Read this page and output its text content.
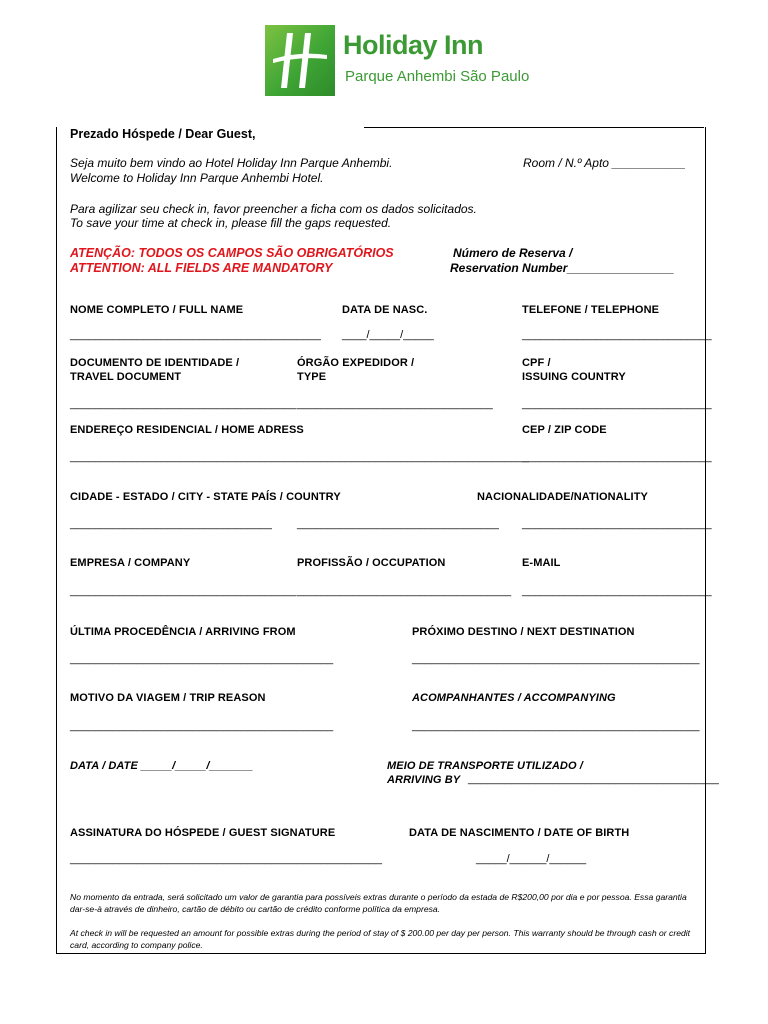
Holiday Inn
Parque Anhembi São Paulo
Prezado Hóspede / Dear Guest,
Seja muito bem vindo ao Hotel Holiday Inn Parque Anhembi.
Welcome to Holiday Inn Parque Anhembi Hotel.
Room / N.º Apto ___________
Para agilizar seu check in, favor preencher a ficha com os dados solicitados.
To save your time at check in, please fill the gaps requested.
ATENÇÃO: TODOS OS CAMPOS SÃO OBRIGATÓRIOS
ATTENTION: ALL FIELDS ARE MANDATORY
Número de Reserva /
Reservation Number________________
NOME COMPLETO / FULL NAME	DATA DE NASC.	TELEFONE / TELEPHONE
_________________________________________ ____/_____/_____	_______________________________
DOCUMENTO DE IDENTIDADE /
TRAVEL DOCUMENT
ÓRGÃO EXPEDIDOR /
TYPE
CPF /
ISSUING COUNTRY
_____________________________________ ________________________________	_______________________________
ENDEREÇO RESIDENCIAL / HOME ADRESS	CEP / ZIP CODE
___________________________________________________________________________
_______________________________
CIDADE - ESTADO / CITY - STATE PAÍS / COUNTRY	NACIONALIDADE/NATIONALITY
_________________________________ _________________________________ _______________________________
EMPRESA / COMPANY	PROFISSÃO / OCCUPATION	E-MAIL
_____________________________________ ___________________________________ _______________________________
ÚLTIMA PROCEDÊNCIA / ARRIVING FROM	PRÓXIMO DESTINO / NEXT DESTINATION
___________________________________________	_______________________________________________
MOTIVO DA VIAGEM / TRIP REASON	ACOMPANHANTES / ACCOMPANYING
___________________________________________	_______________________________________________
DATA / DATE _____/_____/_______	MEIO DE TRANSPORTE UTILIZADO /
ARRIVING BY _________________________________________
ASSINATURA DO HÓSPEDE / GUEST SIGNATURE	DATA DE NASCIMENTO / DATE OF BIRTH
___________________________________________________	_____/______/______
No momento da entrada, será solicitado um valor de garantia para possíveis extras durante o período da estada de R$200,00 por dia e por pessoa. Essa garantia dar-se-à através de dinheiro, cartão de débito ou cartão de crédito conforme política da empresa.
At check in will be requested an amount for possible extras during the period of stay of $ 200.00 per day per person. This warranty should be through cash or credit card, according to company police.
